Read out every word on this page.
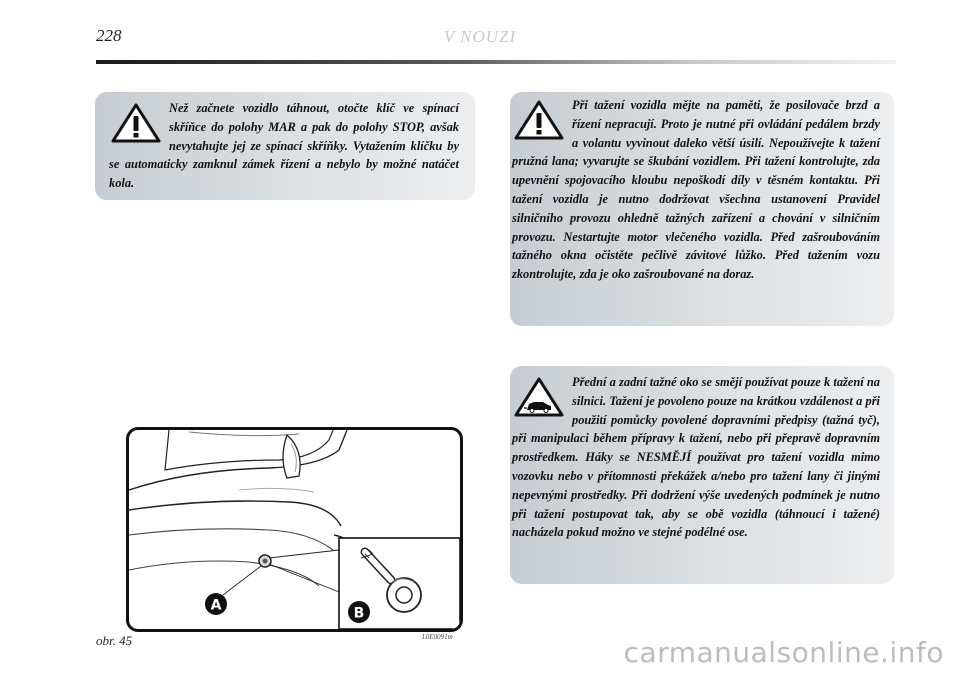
228	V NOUZI

Než začnete vozidlo táhnout, otočte klíč ve spínací skříňce do polohy MAR a pak do polohy STOP, avšak nevytahujte jej ze spínací skříňky. Vytažením klíčku by se automaticky zamknul zámek řízení a nebylo by možné natáčet kola.

Při tažení vozidla mějte na paměti, že posilovače brzd a řízení nepracují. Proto je nutné při ovládání pedálem brzdy a volantu vyvinout daleko větší úsilí. Nepoužívejte k tažení pružná lana; vyvarujte se škubání vozidlem. Při tažení kontrolujte, zda upevnění spojovacího kloubu nepoškodí díly v těsném kontaktu. Při tažení vozidla je nutno dodržovat všechna ustanovení Pravidel silničního provozu ohledně tažných zařízení a chování v silničním provozu. Nestartujte motor vlečeného vozidla. Před zašroubováním tažného okna očistěte pečlivě závitové lůžko. Před tažením vozu zkontrolujte, zda je oko zašroubované na doraz.

Přední a zadní tažné oko se smějí používat pouze k tažení na silnici. Tažení je povoleno pouze na krátkou vzdálenost a při použití pomůcky povolené dopravními předpisy (tažná tyč), při manipulaci během přípravy k tažení, nebo při přepravě dopravním prostředkem. Háky se NESMĚJÍ používat pro tažení vozidla mimo vozovku nebo v přítomnosti překážek a/nebo pro tažení lany či jinými nepevnými prostředky. Při dodržení výše uvedených podmínek je nutno při tažení postupovat tak, aby se obě vozidla (táhnoucí i tažené) nacházela pokud možno ve stejné podélné ose.

A	B
obr. 45	L0E0091m	carmanualsonline.info
